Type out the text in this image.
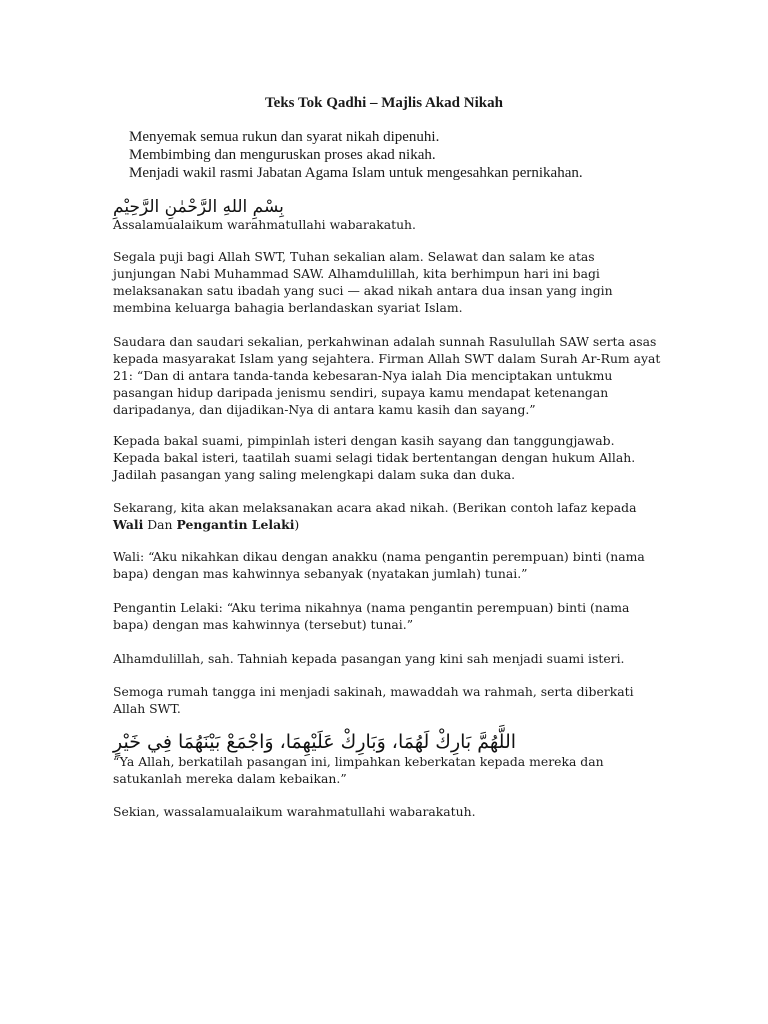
Teks Tok Qadhi – Majlis Akad Nikah
Menyemak semua rukun dan syarat nikah dipenuhi.
Membimbing dan menguruskan proses akad nikah.
Menjadi wakil rasmi Jabatan Agama Islam untuk mengesahkan pernikahan.
بِسْمِ اللهِ الرَّحْمٰنِ الرَّحِيْمِ

Assalamualaikum warahmatullahi wabarakatuh.

Segala puji bagi Allah SWT, Tuhan sekalian alam. Selawat dan salam ke atas junjungan Nabi Muhammad SAW. Alhamdulillah, kita berhimpun hari ini bagi melaksanakan satu ibadah yang suci — akad nikah antara dua insan yang ingin membina keluarga bahagia berlandaskan syariat Islam.

Saudara dan saudari sekalian, perkahwinan adalah sunnah Rasulullah SAW serta asas kepada masyarakat Islam yang sejahtera. Firman Allah SWT dalam Surah Ar-Rum ayat 21: “Dan di antara tanda-tanda kebesaran-Nya ialah Dia menciptakan untukmu pasangan hidup daripada jenismu sendiri, supaya kamu mendapat ketenangan daripadanya, dan dijadikan-Nya di antara kamu kasih dan sayang.”

Kepada bakal suami, pimpinlah isteri dengan kasih sayang dan tanggungjawab. Kepada bakal isteri, taatilah suami selagi tidak bertentangan dengan hukum Allah. Jadilah pasangan yang saling melengkapi dalam suka dan duka.

Sekarang, kita akan melaksanakan acara akad nikah. (Berikan contoh lafaz kepada Wali Dan Pengantin Lelaki)

Wali: “Aku nikahkan dikau dengan anakku (nama pengantin perempuan) binti (nama bapa) dengan mas kahwinnya sebanyak (nyatakan jumlah) tunai.”

Pengantin Lelaki: “Aku terima nikahnya (nama pengantin perempuan) binti (nama bapa) dengan mas kahwinnya (tersebut) tunai.”

Alhamdulillah, sah. Tahniah kepada pasangan yang kini sah menjadi suami isteri.

Semoga rumah tangga ini menjadi sakinah, mawaddah wa rahmah, serta diberkati Allah SWT.

اللَّهُمَّ بَارِكْ لَهُمَا، وَبَارِكْ عَلَيْهِمَا، وَاجْمَعْ بَيْنَهُمَا فِي خَيْرٍ

“Ya Allah, berkatilah pasangan ini, limpahkan keberkatan kepada mereka dan satukanlah mereka dalam kebaikan.”

Sekian, wassalamualaikum warahmatullahi wabarakatuh.
